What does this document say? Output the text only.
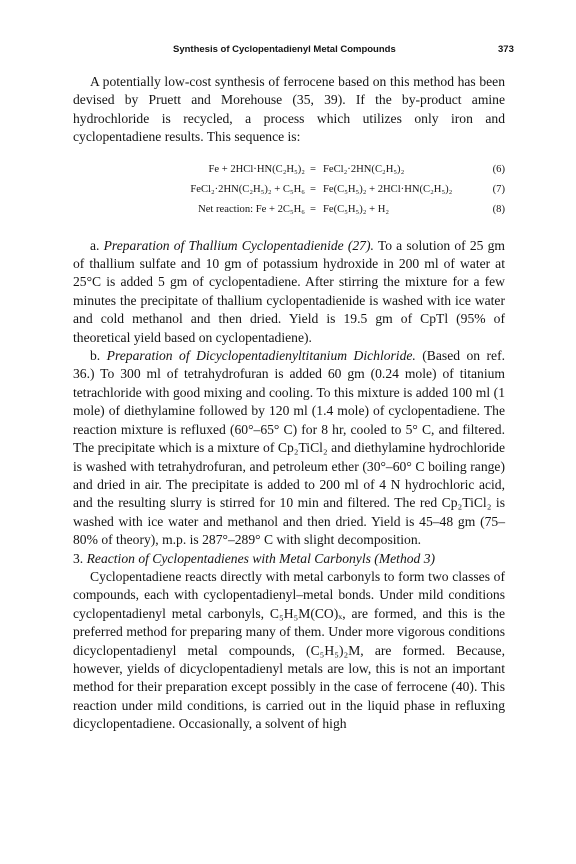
Synthesis of Cyclopentadienyl Metal Compounds	373

A potentially low-cost synthesis of ferrocene based on this method has been devised by Pruett and Morehouse (35, 39). If the by-product amine hydrochloride is recycled, a process which utilizes only iron and cyclopentadiene results. This sequence is:

Fe + 2HCl·HN(C₂H₅)₂ = FeCl₂·2HN(C₂H₅)₂	(6)
FeCl₂·2HN(C₂H₅)₂ + C₅H₆ = Fe(C₅H₅)₂ + 2HCl·HN(C₂H₅)₂	(7)
Net reaction: Fe + 2C₅H₆ = Fe(C₅H₅)₂ + H₂	(8)

a. Preparation of Thallium Cyclopentadienide (27). To a solution of 25 gm of thallium sulfate and 10 gm of potassium hydroxide in 200 ml of water at 25°C is added 5 gm of cyclopentadiene. After stirring the mixture for a few minutes the precipitate of thallium cyclopentadienide is washed with ice water and cold methanol and then dried. Yield is 19.5 gm of CpTl (95% of theoretical yield based on cyclopentadiene).

b. Preparation of Dicyclopentadienyltitanium Dichloride. (Based on ref. 36.) To 300 ml of tetrahydrofuran is added 60 gm (0.24 mole) of titanium tetrachloride with good mixing and cooling. To this mixture is added 100 ml (1 mole) of diethylamine followed by 120 ml (1.4 mole) of cyclopentadiene. The reaction mixture is refluxed (60°–65° C) for 8 hr, cooled to 5° C, and filtered. The precipitate which is a mixture of Cp₂TiCl₂ and diethylamine hydrochloride is washed with tetrahydrofuran, and petroleum ether (30°–60° C boiling range) and dried in air. The precipitate is added to 200 ml of 4 N hydrochloric acid, and the resulting slurry is stirred for 10 min and filtered. The red Cp₂TiCl₂ is washed with ice water and methanol and then dried. Yield is 45–48 gm (75–80% of theory), m.p. is 287°–289° C with slight decomposition.

3. Reaction of Cyclopentadienes with Metal Carbonyls (Method 3)

Cyclopentadiene reacts directly with metal carbonyls to form two classes of compounds, each with cyclopentadienyl–metal bonds. Under mild conditions cyclopentadienyl metal carbonyls, C₅H₅M(CO)ₓ, are formed, and this is the preferred method for preparing many of them. Under more vigorous conditions dicyclopentadienyl metal compounds, (C₅H₅)₂M, are formed. Because, however, yields of dicyclopentadienyl metals are low, this is not an important method for their preparation except possibly in the case of ferrocene (40). This reaction under mild conditions, is carried out in the liquid phase in refluxing dicyclopentadiene. Occasionally, a solvent of high
